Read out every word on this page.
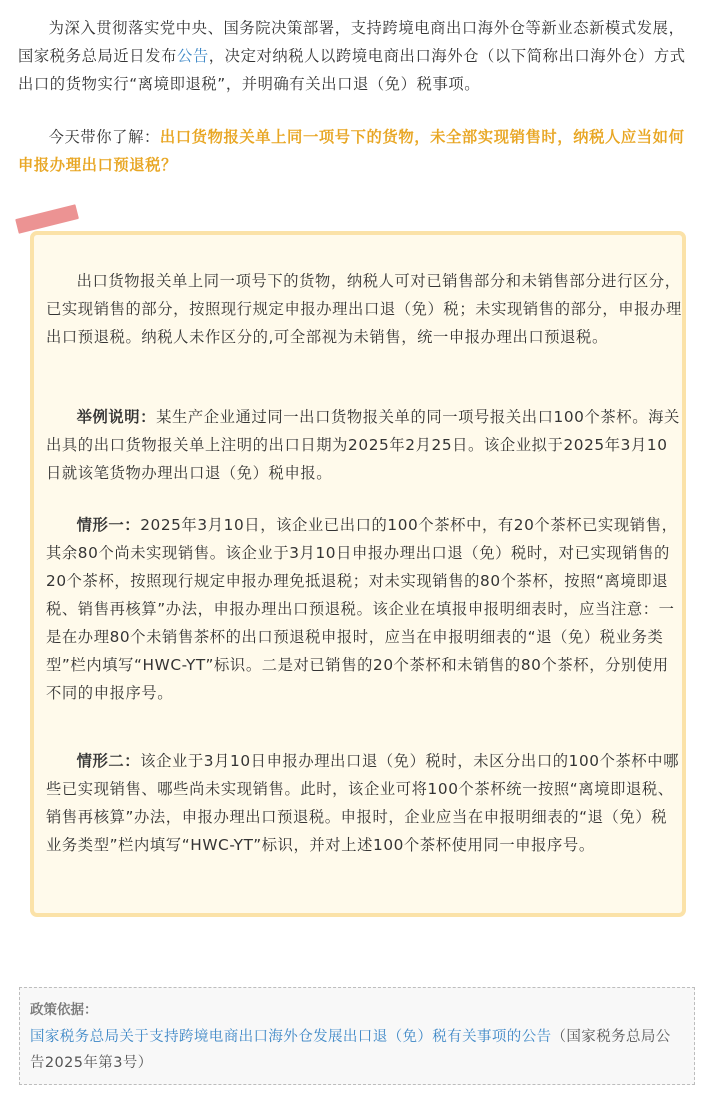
为深入贯彻落实党中央、国务院决策部署，支持跨境电商出口海外仓等新业态新模式发展，国家税务总局近日发布公告，决定对纳税人以跨境电商出口海外仓（以下简称出口海外仓）方式出口的货物实行“离境即退税”，并明确有关出口退（免）税事项。

今天带你了解：出口货物报关单上同一项号下的货物，未全部实现销售时，纳税人应当如何申报办理出口预退税？

出口货物报关单上同一项号下的货物，纳税人可对已销售部分和未销售部分进行区分，已实现销售的部分，按照现行规定申报办理出口退（免）税；未实现销售的部分，申报办理出口预退税。纳税人未作区分的,可全部视为未销售，统一申报办理出口预退税。

举例说明：某生产企业通过同一出口货物报关单的同一项号报关出口100个茶杯。海关出具的出口货物报关单上注明的出口日期为2025年2月25日。该企业拟于2025年3月10日就该笔货物办理出口退（免）税申报。

情形一：2025年3月10日，该企业已出口的100个茶杯中，有20个茶杯已实现销售，其余80个尚未实现销售。该企业于3月10日申报办理出口退（免）税时，对已实现销售的20个茶杯，按照现行规定申报办理免抵退税；对未实现销售的80个茶杯，按照“离境即退税、销售再核算”办法，申报办理出口预退税。该企业在填报申报明细表时，应当注意：一是在办理80个未销售茶杯的出口预退税申报时，应当在申报明细表的“退（免）税业务类型”栏内填写“HWC-YT”标识。二是对已销售的20个茶杯和未销售的80个茶杯，分别使用不同的申报序号。

情形二：该企业于3月10日申报办理出口退（免）税时，未区分出口的100个茶杯中哪些已实现销售、哪些尚未实现销售。此时，该企业可将100个茶杯统一按照“离境即退税、销售再核算”办法，申报办理出口预退税。申报时，企业应当在申报明细表的“退（免）税业务类型”栏内填写“HWC-YT”标识，并对上述100个茶杯使用同一申报序号。

政策依据：

国家税务总局关于支持跨境电商出口海外仓发展出口退（免）税有关事项的公告（国家税务总局公告2025年第3号）
